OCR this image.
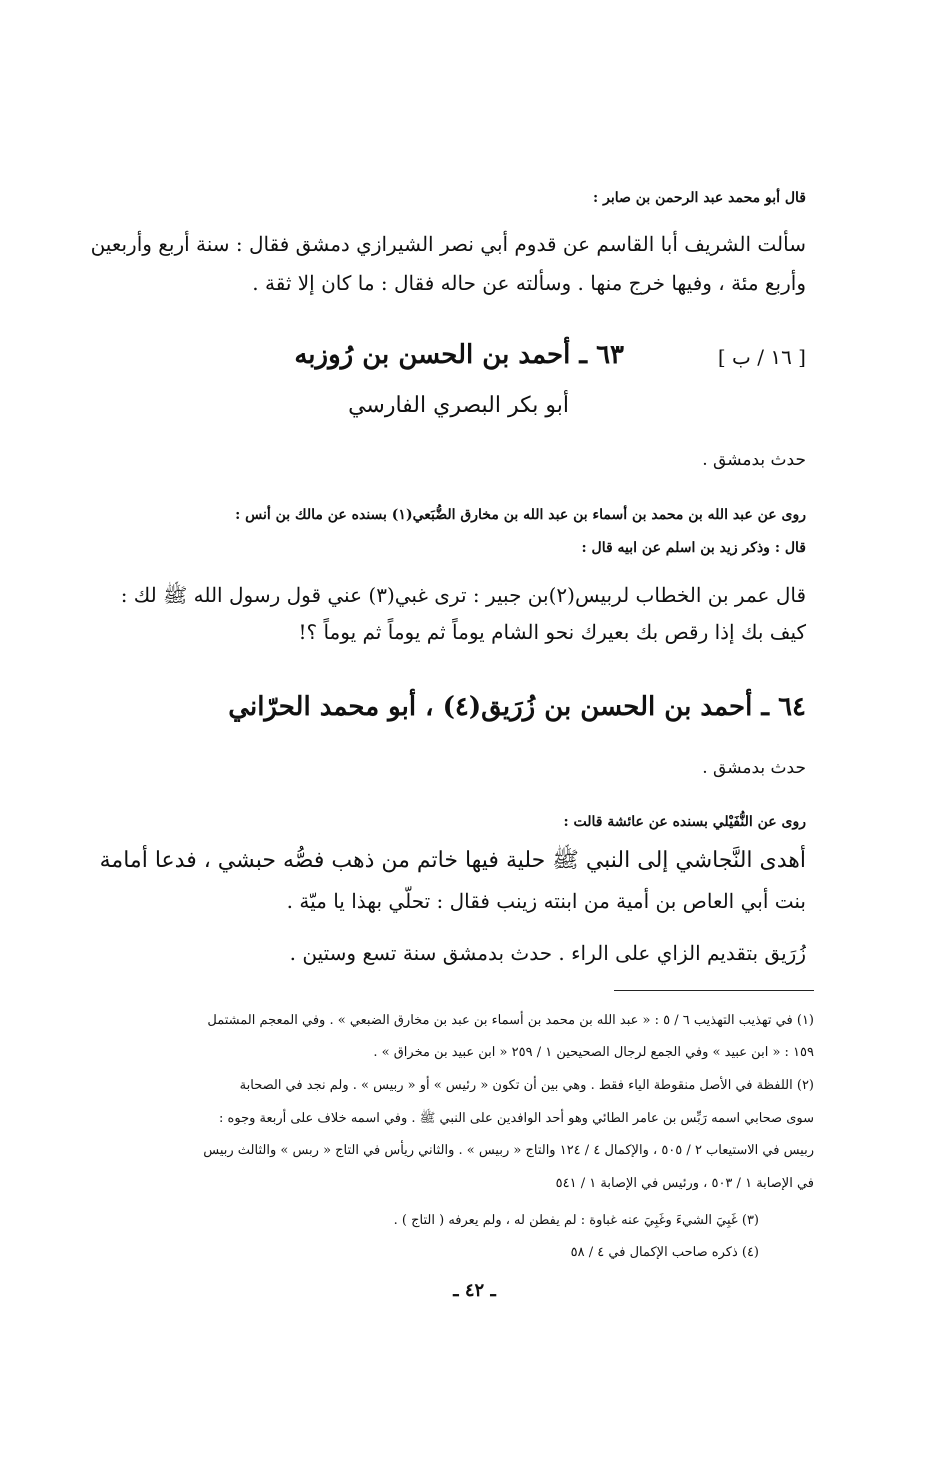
قال أبو محمد عبد الرحمن بن صابر :
سألت الشريف أبا القاسم عن قدوم أبي نصر الشيرازي دمشق فقال : سنة أربع وأربعين
وأربع مئة ، وفيها خرج منها . وسألته عن حاله فقال : ما كان إلا ثقة .
[ ١٦ / ب ]
٦٣ ـ أحمد بن الحسن بن رُوزبه
أبو بكر البصري الفارسي
حدث بدمشق .
روى عن عبد الله بن محمد بن أسماء بن عبد الله بن مخارق الضُّبَعي(١) بسنده عن مالك بن أنس :
قال : وذكر زيد بن اسلم عن ابيه قال :
قال عمر بن الخطاب لربيس(٢)بن جبير : ترى غبي(٣) عني قول رسول الله ﷺ لك :
كيف بك إذا رقص بك بعيرك نحو الشام يوماً ثم يوماً ثم يوماً ؟!
٦٤ ـ أحمد بن الحسن بن زُرَيق(٤) ، أبو محمد الحرّاني
حدث بدمشق .
روى عن النُّفَيْلي بسنده عن عائشة قالت :
أهدى النَّجاشي إلى النبي ﷺ حلية فيها خاتم من ذهب فصُّه حبشي ، فدعا أمامة
بنت أبي العاص بن أمية من ابنته زينب فقال : تحلّي بهذا يا ميّة .
زُرَيق بتقديم الزاي على الراء . حدث بدمشق سنة تسع وستين .
(١) في تهذيب التهذيب ٦ / ٥ : « عبد الله بن محمد بن أسماء بن عبد بن مخارق الضبعي » . وفي المعجم المشتمل
١٥٩ : « ابن عبيد » وفي الجمع لرجال الصحيحين ١ / ٢٥٩ « ابن عبيد بن مخراق » .
(٢) اللفظة في الأصل منقوطة الياء فقط . وهي بين أن تكون « رئيس » أو « ربيس » . ولم نجد في الصحابة
سوى صحابي اسمه رَبِّس بن عامر الطائي وهو أحد الوافدين على النبي ﷺ . وفي اسمه خلاف على أربعة وجوه :
ربيس في الاستيعاب ٢ / ٥٠٥ ، والإكمال ٤ / ١٢٤ والتاج « ربيس » . والثاني ريأس في التاج « ربس » والثالث ربيس
في الإصابة ١ / ٥٠٣ ، ورئيس في الإصابة ١ / ٥٤١
(٣) غَبِيَ الشيءَ وغَبِيَ عنه غباوة : لم يفطن له ، ولم يعرفه ( التاج ) .
(٤) ذكره صاحب الإكمال في ٤ / ٥٨
ـ ٤٢ ـ
